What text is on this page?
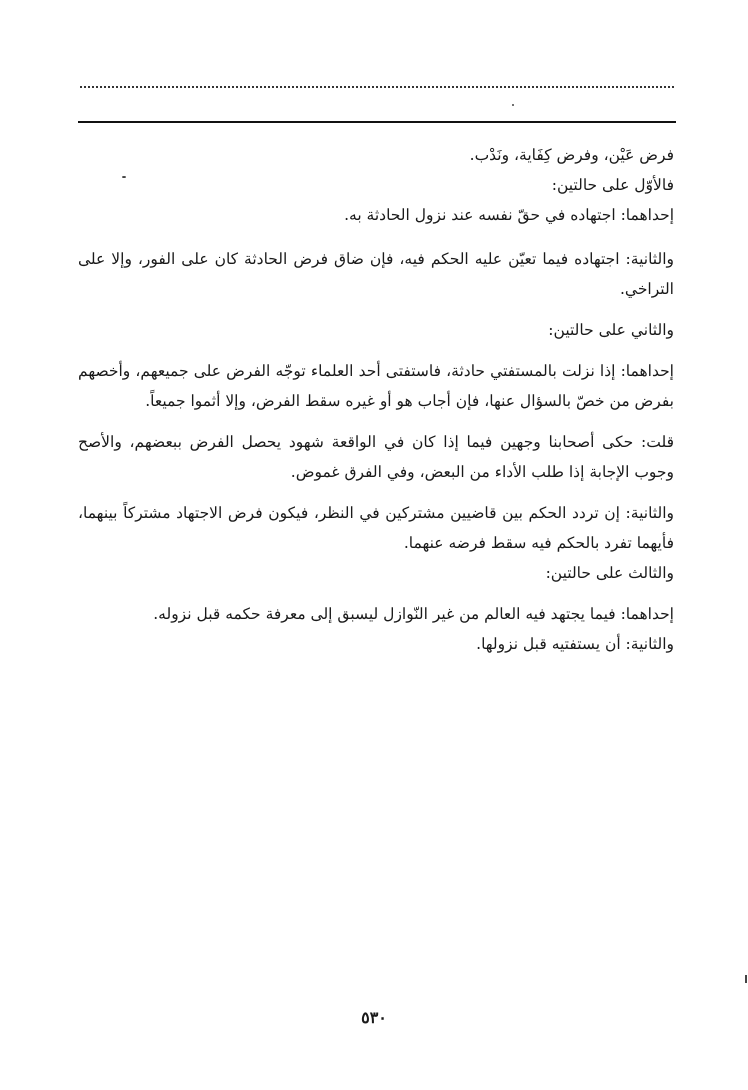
فرض عَيْن، وفرض كِفَاية، ونَدْب.

فالأوّل على حالتين:

إحداهما: اجتهاده في حقّ نفسه عند نزول الحادثة به.

والثانية: اجتهاده فيما تعيّن عليه الحكم فيه، فإن ضاق فرض الحادثة كان على الفور، وإلا على التراخي.

والثاني على حالتين:

إحداهما: إذا نزلت بالمستفتي حادثة، فاستفتى أحد العلماء توجّه الفرض على جميعهم، وأخصهم بفرض من خصّ بالسؤال عنها، فإن أجاب هو أو غيره سقط الفرض، وإلا أثموا جميعاً.

قلت: حكى أصحابنا وجهين فيما إذا كان في الواقعة شهود يحصل الفرض ببعضهم، والأصح وجوب الإجابة إذا طلب الأداء من البعض، وفي الفرق غموض.

والثانية: إن تردد الحكم بين قاضيين مشتركين في النظر، فيكون فرض الاجتهاد مشتركاً بينهما، فأيهما تفرد بالحكم فيه سقط فرضه عنهما.

والثالث على حالتين:

إحداهما: فيما يجتهد فيه العالم من غير النّوازل ليسبق إلى معرفة حكمه قبل نزوله.

والثانية: أن يستفتيه قبل نزولها.

٥٣٠
